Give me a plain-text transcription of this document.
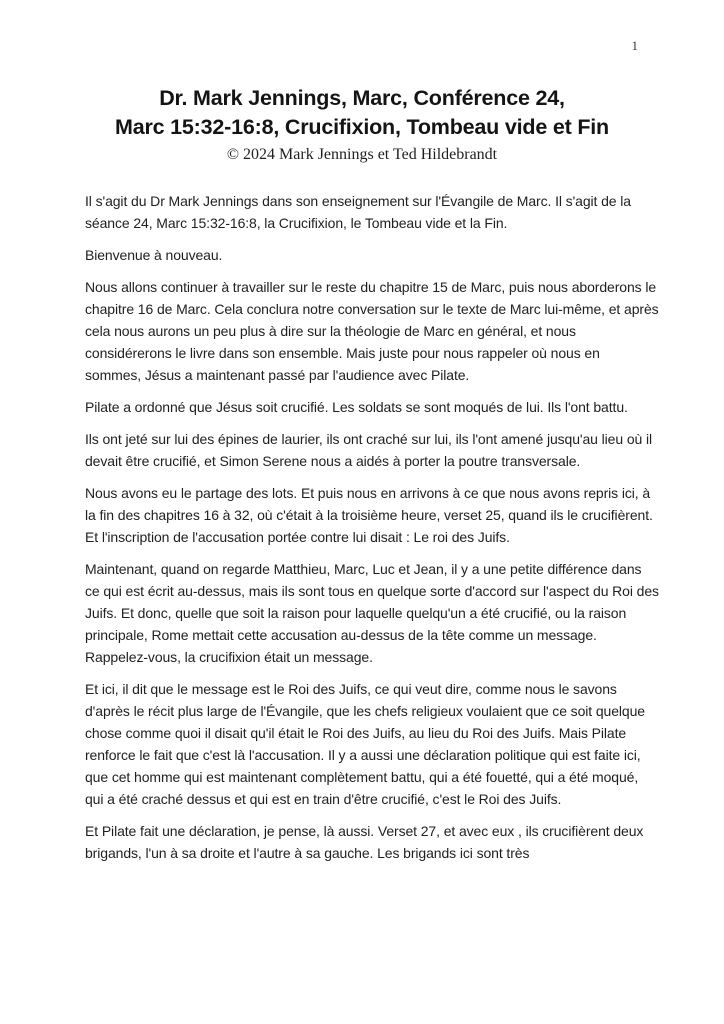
1
Dr. Mark Jennings, Marc, Conférence 24,
Marc 15:32-16:8, Crucifixion, Tombeau vide et Fin
© 2024 Mark Jennings et Ted Hildebrandt

Il s'agit du Dr Mark Jennings dans son enseignement sur l'Évangile de Marc. Il s'agit de la séance 24, Marc 15:32-16:8, la Crucifixion, le Tombeau vide et la Fin.

Bienvenue à nouveau.

Nous allons continuer à travailler sur le reste du chapitre 15 de Marc, puis nous aborderons le chapitre 16 de Marc. Cela conclura notre conversation sur le texte de Marc lui-même, et après cela nous aurons un peu plus à dire sur la théologie de Marc en général, et nous considérerons le livre dans son ensemble. Mais juste pour nous rappeler où nous en sommes, Jésus a maintenant passé par l'audience avec Pilate.

Pilate a ordonné que Jésus soit crucifié. Les soldats se sont moqués de lui. Ils l'ont battu.

Ils ont jeté sur lui des épines de laurier, ils ont craché sur lui, ils l'ont amené jusqu'au lieu où il devait être crucifié, et Simon Serene nous a aidés à porter la poutre transversale.

Nous avons eu le partage des lots. Et puis nous en arrivons à ce que nous avons repris ici, à la fin des chapitres 16 à 32, où c'était à la troisième heure, verset 25, quand ils le crucifièrent. Et l'inscription de l'accusation portée contre lui disait : Le roi des Juifs.

Maintenant, quand on regarde Matthieu, Marc, Luc et Jean, il y a une petite différence dans ce qui est écrit au-dessus, mais ils sont tous en quelque sorte d'accord sur l'aspect du Roi des Juifs. Et donc, quelle que soit la raison pour laquelle quelqu'un a été crucifié, ou la raison principale, Rome mettait cette accusation au-dessus de la tête comme un message. Rappelez-vous, la crucifixion était un message.

Et ici, il dit que le message est le Roi des Juifs, ce qui veut dire, comme nous le savons d'après le récit plus large de l'Évangile, que les chefs religieux voulaient que ce soit quelque chose comme quoi il disait qu'il était le Roi des Juifs, au lieu du Roi des Juifs. Mais Pilate renforce le fait que c'est là l'accusation. Il y a aussi une déclaration politique qui est faite ici, que cet homme qui est maintenant complètement battu, qui a été fouetté, qui a été moqué, qui a été craché dessus et qui est en train d'être crucifié, c'est le Roi des Juifs.

Et Pilate fait une déclaration, je pense, là aussi. Verset 27, et avec eux , ils crucifièrent deux brigands, l'un à sa droite et l'autre à sa gauche. Les brigands ici sont très
